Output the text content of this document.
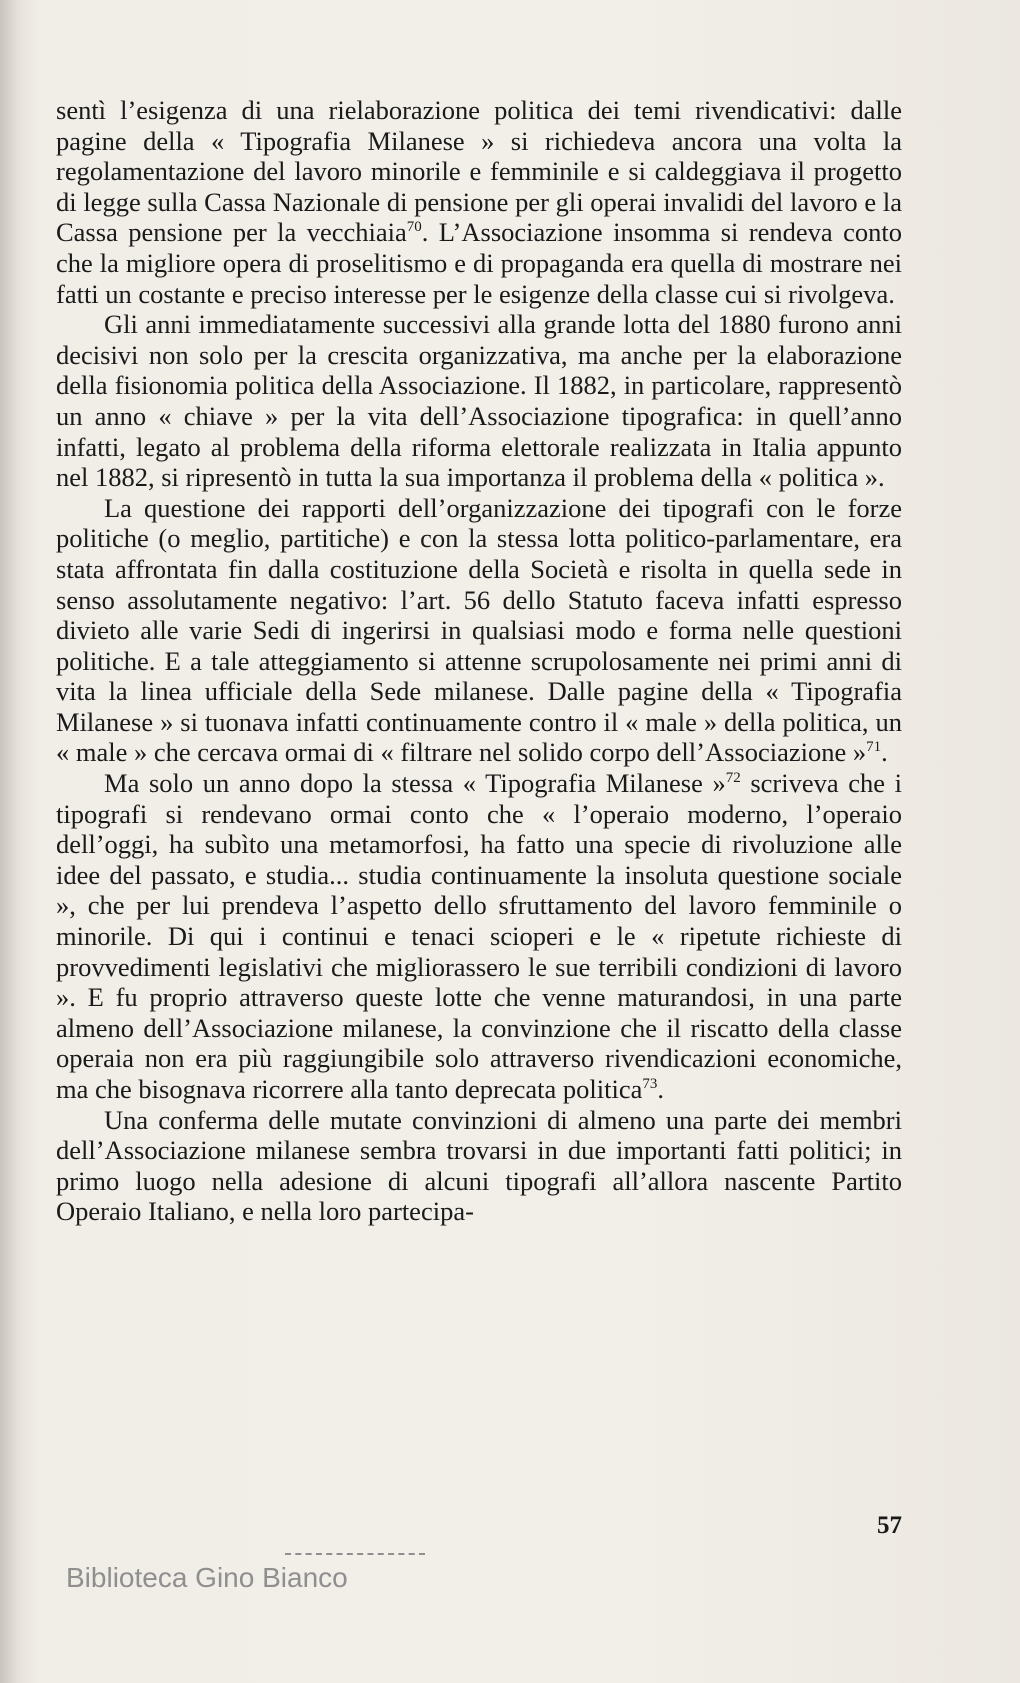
sentì l’esigenza di una rielaborazione politica dei temi rivendicativi: dalle pagine della « Tipografia Milanese » si richiedeva ancora una volta la regolamentazione del lavoro minorile e femminile e si caldeggiava il progetto di legge sulla Cassa Nazionale di pensione per gli operai invalidi del lavoro e la Cassa pensione per la vecchiaia$^{70}$. L’Associazione insomma si rendeva conto che la migliore opera di proselitismo e di propaganda era quella di mostrare nei fatti un costante e preciso interesse per le esigenze della classe cui si rivolgeva.

Gli anni immediatamente successivi alla grande lotta del 1880 furono anni decisivi non solo per la crescita organizzativa, ma anche per la elaborazione della fisionomia politica della Associazione. Il 1882, in particolare, rappresentò un anno « chiave » per la vita dell’Associazione tipografica: in quell’anno infatti, legato al problema della riforma elettorale realizzata in Italia appunto nel 1882, si ripresentò in tutta la sua importanza il problema della « politica ».

La questione dei rapporti dell’organizzazione dei tipografi con le forze politiche (o meglio, partitiche) e con la stessa lotta politico-parlamentare, era stata affrontata fin dalla costituzione della Società e risolta in quella sede in senso assolutamente negativo: l’art. 56 dello Statuto faceva infatti espresso divieto alle varie Sedi di ingerirsi in qualsiasi modo e forma nelle questioni politiche. E a tale atteggiamento si attenne scrupolosamente nei primi anni di vita la linea ufficiale della Sede milanese. Dalle pagine della « Tipografia Milanese » si tuonava infatti continuamente contro il « male » della politica, un « male » che cercava ormai di « filtrare nel solido corpo dell’Associazione »$^{71}$.

Ma solo un anno dopo la stessa « Tipografia Milanese »$^{72}$ scriveva che i tipografi si rendevano ormai conto che « l’operaio moderno, l’operaio dell’oggi, ha subìto una metamorfosi, ha fatto una specie di rivoluzione alle idee del passato, e studia... studia continuamente la insoluta questione sociale », che per lui prendeva l’aspetto dello sfruttamento del lavoro femminile o minorile. Di qui i continui e tenaci scioperi e le « ripetute richieste di provvedimenti legislativi che migliorassero le sue terribili condizioni di lavoro ». E fu proprio attraverso queste lotte che venne maturandosi, in una parte almeno dell’Associazione milanese, la convinzione che il riscatto della classe operaia non era più raggiungibile solo attraverso rivendicazioni economiche, ma che bisognava ricorrere alla tanto deprecata politica$^{73}$.

Una conferma delle mutate convinzioni di almeno una parte dei membri dell’Associazione milanese sembra trovarsi in due importanti fatti politici; in primo luogo nella adesione di alcuni tipografi all’allora nascente Partito Operaio Italiano, e nella loro partecipa-

57
Biblioteca Gino Bianco
